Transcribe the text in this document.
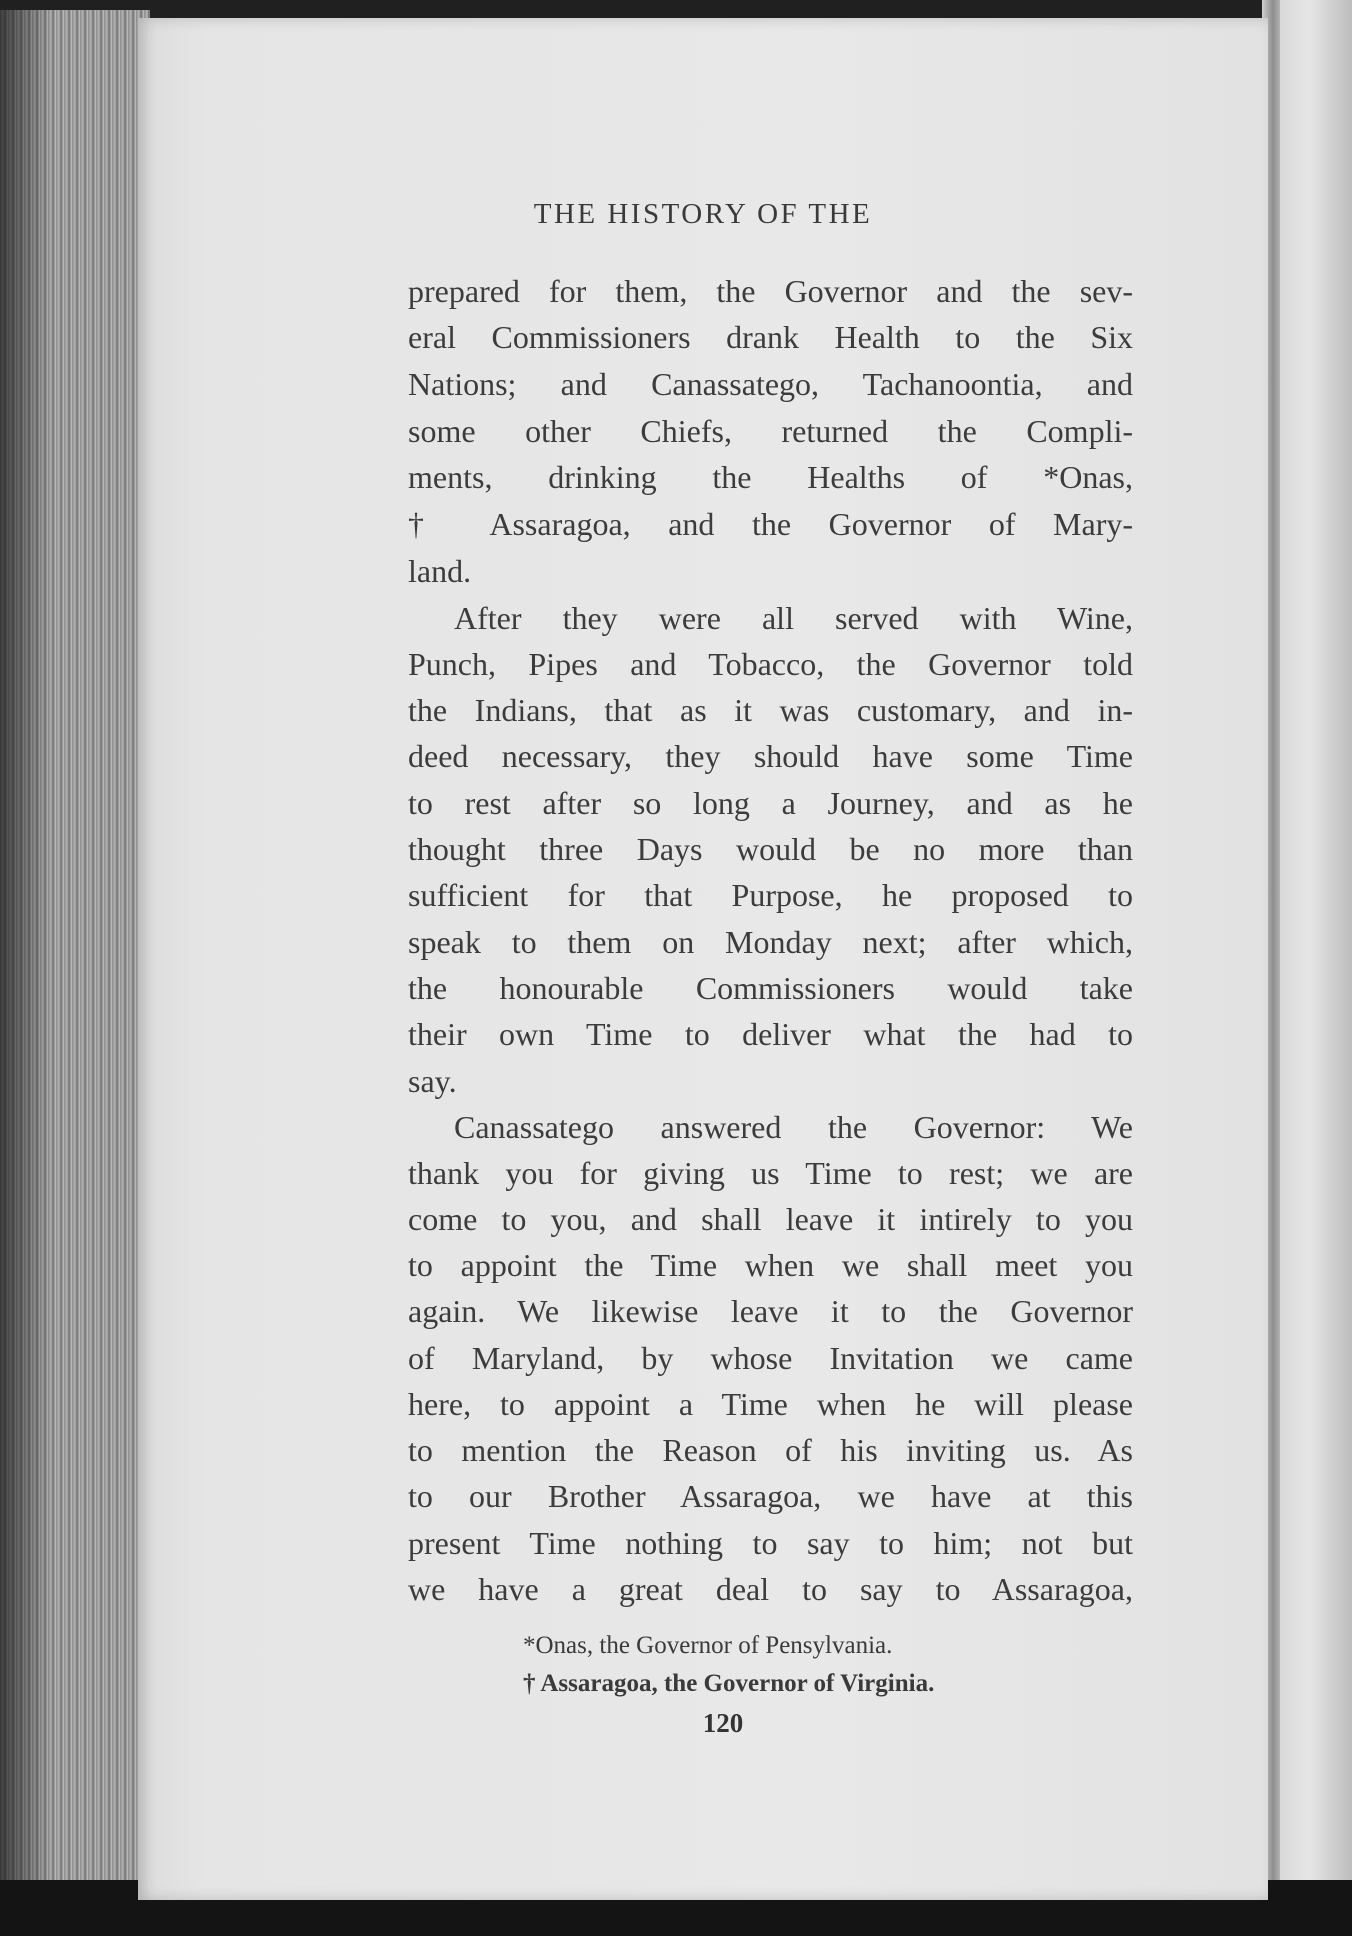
THE HISTORY OF THE
prepared for them, the Governor and the sev-
eral Commissioners drank Health to the Six
Nations; and Canassatego, Tachanoontia, and
some other Chiefs, returned the Compli-
ments, drinking the Healths of *Onas,
† Assaragoa, and the Governor of Mary-
land.
After they were all served with Wine,
Punch, Pipes and Tobacco, the Governor told
the Indians, that as it was customary, and in-
deed necessary, they should have some Time
to rest after so long a Journey, and as he
thought three Days would be no more than
sufficient for that Purpose, he proposed to
speak to them on Monday next; after which,
the honourable Commissioners would take
their own Time to deliver what the had to
say.
Canassatego answered the Governor: We
thank you for giving us Time to rest; we are
come to you, and shall leave it intirely to you
to appoint the Time when we shall meet you
again. We likewise leave it to the Governor
of Maryland, by whose Invitation we came
here, to appoint a Time when he will please
to mention the Reason of his inviting us. As
to our Brother Assaragoa, we have at this
present Time nothing to say to him; not but
we have a great deal to say to Assaragoa,
*Onas, the Governor of Pensylvania.
† Assaragoa, the Governor of Virginia.
120
